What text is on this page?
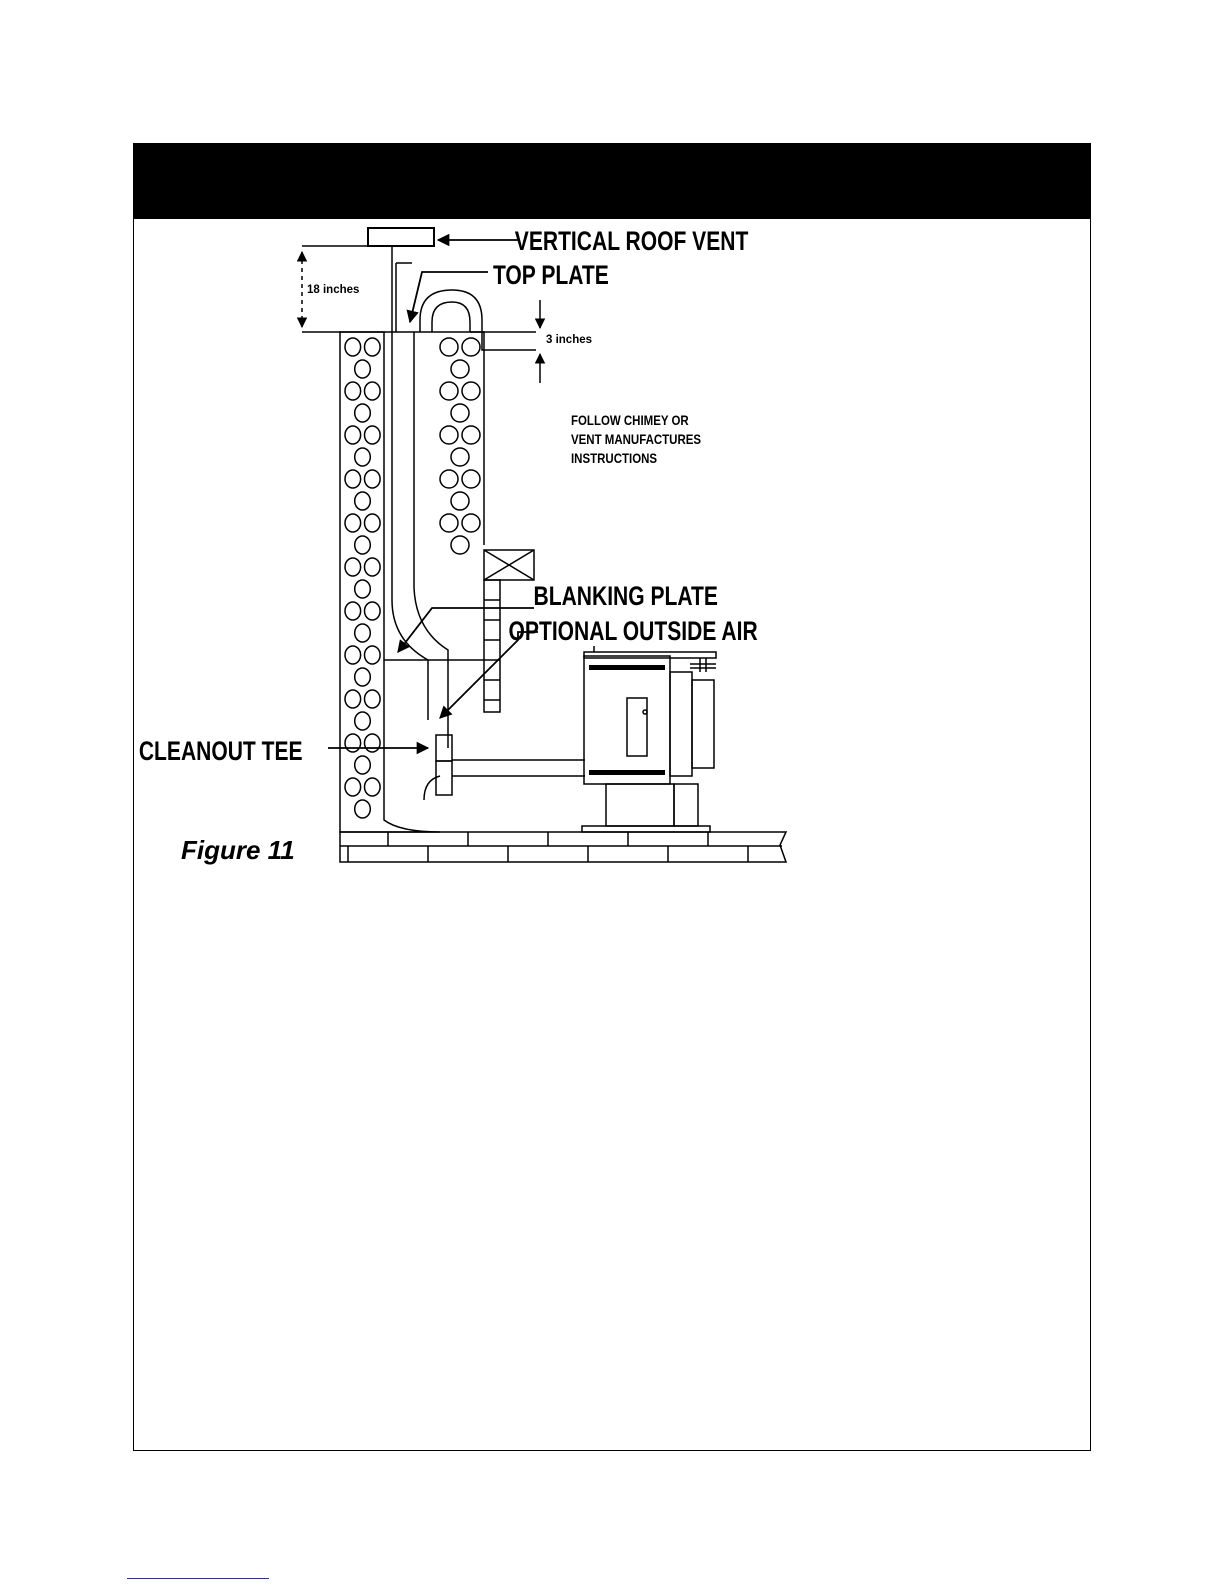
VERTICAL ROOF VENT
TOP PLATE
BLANKING PLATE
OPTIONAL OUTSIDE AIR
CLEANOUT TEE
18 inches
3 inches
FOLLOW CHIMEY OR
VENT MANUFACTURES
INSTRUCTIONS
Figure 11
